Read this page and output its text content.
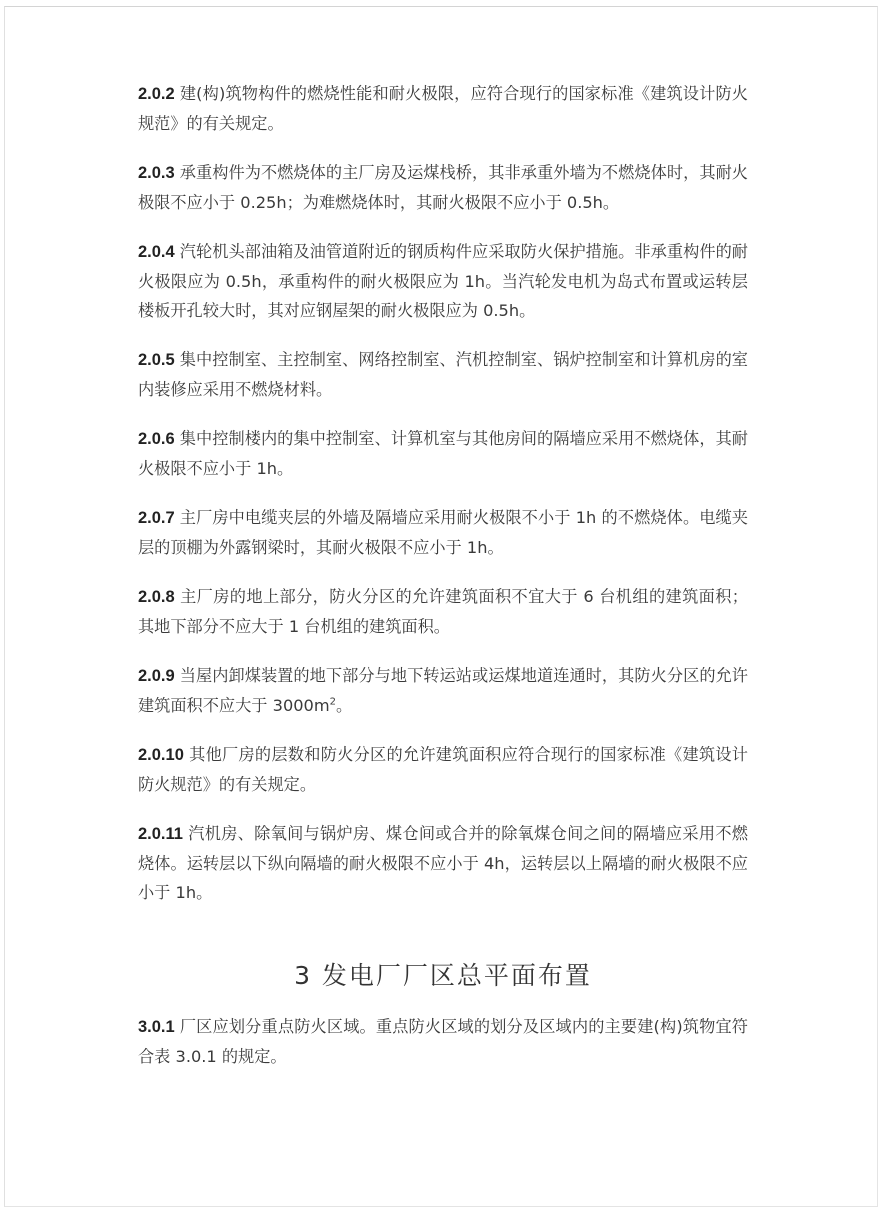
2.0.2 建(构)筑物构件的燃烧性能和耐火极限，应符合现行的国家标准《建筑设计防火规范》的有关规定。

2.0.3 承重构件为不燃烧体的主厂房及运煤栈桥，其非承重外墙为不燃烧体时，其耐火极限不应小于 0.25h；为难燃烧体时，其耐火极限不应小于 0.5h。

2.0.4 汽轮机头部油箱及油管道附近的钢质构件应采取防火保护措施。非承重构件的耐火极限应为 0.5h，承重构件的耐火极限应为 1h。当汽轮发电机为岛式布置或运转层楼板开孔较大时，其对应钢屋架的耐火极限应为 0.5h。

2.0.5 集中控制室、主控制室、网络控制室、汽机控制室、锅炉控制室和计算机房的室内装修应采用不燃烧材料。

2.0.6 集中控制楼内的集中控制室、计算机室与其他房间的隔墙应采用不燃烧体，其耐火极限不应小于 1h。

2.0.7 主厂房中电缆夹层的外墙及隔墙应采用耐火极限不小于 1h 的不燃烧体。电缆夹层的顶棚为外露钢梁时，其耐火极限不应小于 1h。

2.0.8 主厂房的地上部分，防火分区的允许建筑面积不宜大于 6 台机组的建筑面积；其地下部分不应大于 1 台机组的建筑面积。

2.0.9 当屋内卸煤装置的地下部分与地下转运站或运煤地道连通时，其防火分区的允许建筑面积不应大于 $3000m^2$。

2.0.10 其他厂房的层数和防火分区的允许建筑面积应符合现行的国家标准《建筑设计防火规范》的有关规定。

2.0.11 汽机房、除氧间与锅炉房、煤仓间或合并的除氧煤仓间之间的隔墙应采用不燃烧体。运转层以下纵向隔墙的耐火极限不应小于 4h，运转层以上隔墙的耐火极限不应小于 1h。

3 发电厂厂区总平面布置

3.0.1 厂区应划分重点防火区域。重点防火区域的划分及区域内的主要建(构)筑物宜符合表 3.0.1 的规定。
